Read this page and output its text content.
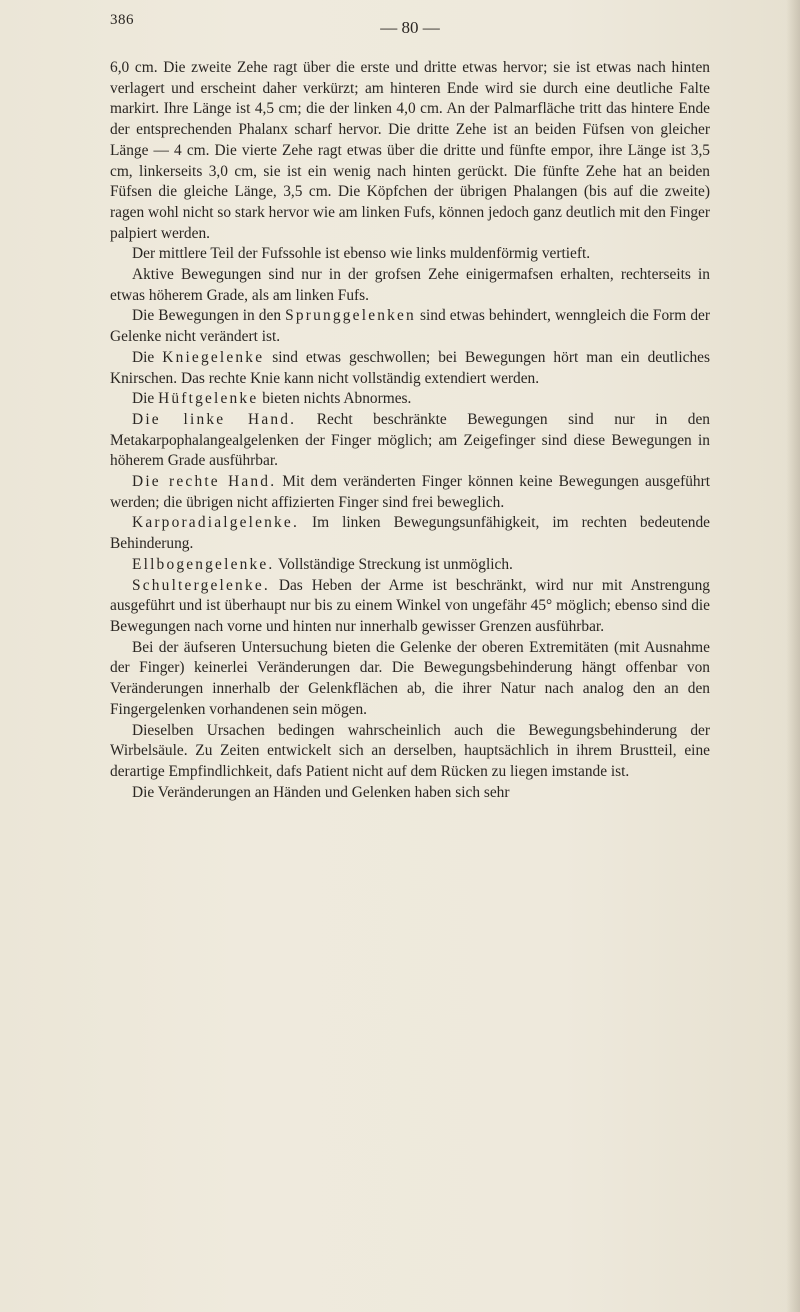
386	— 80 —

6,0 cm. Die zweite Zehe ragt über die erste und dritte etwas hervor; sie ist etwas nach hinten verlagert und erscheint daher verkürzt; am hinteren Ende wird sie durch eine deutliche Falte markirt. Ihre Länge ist 4,5 cm; die der linken 4,0 cm. An der Palmarfläche tritt das hintere Ende der entsprechenden Phalanx scharf hervor. Die dritte Zehe ist an beiden Füfsen von gleicher Länge — 4 cm. Die vierte Zehe ragt etwas über die dritte und fünfte empor, ihre Länge ist 3,5 cm, linkerseits 3,0 cm, sie ist ein wenig nach hinten gerückt. Die fünfte Zehe hat an beiden Füfsen die gleiche Länge, 3,5 cm. Die Köpfchen der übrigen Phalangen (bis auf die zweite) ragen wohl nicht so stark hervor wie am linken Fufs, können jedoch ganz deutlich mit den Finger palpiert werden.

Der mittlere Teil der Fufssohle ist ebenso wie links muldenförmig vertieft.

Aktive Bewegungen sind nur in der grofsen Zehe einigermafsen erhalten, rechterseits in etwas höherem Grade, als am linken Fufs.

Die Bewegungen in den Sprunggelenken sind etwas behindert, wenngleich die Form der Gelenke nicht verändert ist.

Die Kniegelenke sind etwas geschwollen; bei Bewegungen hört man ein deutliches Knirschen. Das rechte Knie kann nicht vollständig extendiert werden.

Die Hüftgelenke bieten nichts Abnormes.

Die linke Hand. Recht beschränkte Bewegungen sind nur in den Metakarpophalangealgelenken der Finger möglich; am Zeigefinger sind diese Bewegungen in höherem Grade ausführbar.

Die rechte Hand. Mit dem veränderten Finger können keine Bewegungen ausgeführt werden; die übrigen nicht affizierten Finger sind frei beweglich.

Karporadialgelenke. Im linken Bewegungsunfähigkeit, im rechten bedeutende Behinderung.

Ellbogengelenke. Vollständige Streckung ist unmöglich.

Schultergelenke. Das Heben der Arme ist beschränkt, wird nur mit Anstrengung ausgeführt und ist überhaupt nur bis zu einem Winkel von ungefähr 45° möglich; ebenso sind die Bewegungen nach vorne und hinten nur innerhalb gewisser Grenzen ausführbar.

Bei der äufseren Untersuchung bieten die Gelenke der oberen Extremitäten (mit Ausnahme der Finger) keinerlei Veränderungen dar. Die Bewegungsbehinderung hängt offenbar von Veränderungen innerhalb der Gelenkflächen ab, die ihrer Natur nach analog den an den Fingergelenken vorhandenen sein mögen.

Dieselben Ursachen bedingen wahrscheinlich auch die Bewegungsbehinderung der Wirbelsäule. Zu Zeiten entwickelt sich an derselben, hauptsächlich in ihrem Brustteil, eine derartige Empfindlichkeit, dafs Patient nicht auf dem Rücken zu liegen imstande ist.

Die Veränderungen an Händen und Gelenken haben sich sehr
